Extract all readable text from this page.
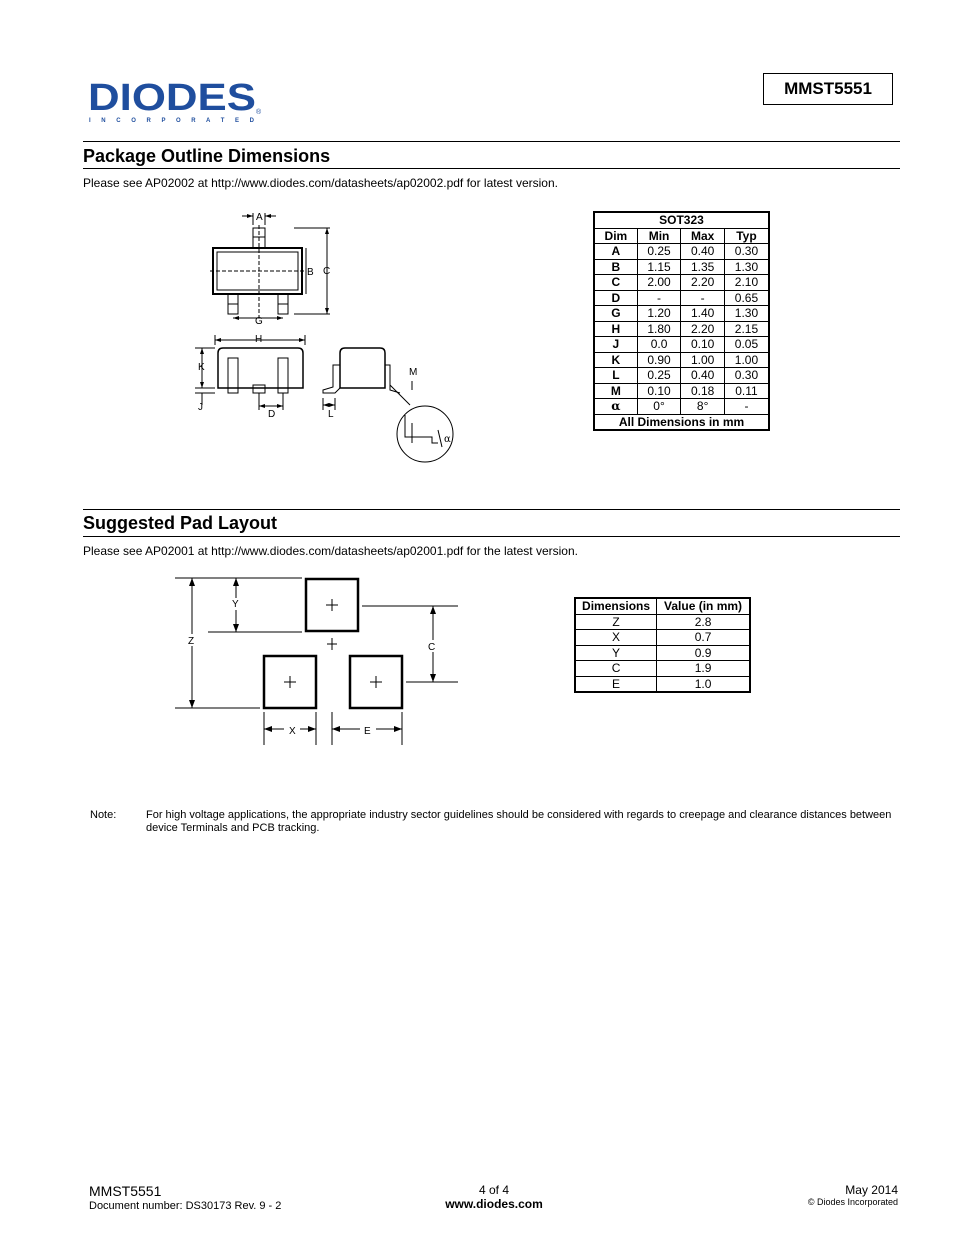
DIODES ®
I N C O R P O R A T E D
MMST5551
Package Outline Dimensions
Please see AP02002 at http://www.diodes.com/datasheets/ap02002.pdf for latest version.
A
B C
G
H
K
J
D	L
M
α
SOT323			
Dim	Min	Max	Typ
A	0.25	0.40	0.30
B	1.15	1.35	1.30
C	2.00	2.20	2.10
D	-	-	0.65
G	1.20	1.40	1.30
H	1.80	2.20	2.15
J	0.0	0.10	0.05
K	0.90	1.00	1.00
L	0.25	0.40	0.30
M	0.10	0.18	0.11
α	0°	8°	-
All Dimensions in mm			
Suggested Pad Layout
Please see AP02001 at http://www.diodes.com/datasheets/ap02001.pdf for the latest version.
Y
Z
C
X	E
Dimensions	Value (in mm)
Z	2.8
X	0.7
Y	0.9
C	1.9
E	1.0
Note:	For high voltage applications, the appropriate industry sector guidelines should be considered with regards to creepage and clearance distances between device Terminals and PCB tracking.
MMST5551
Document number: DS30173 Rev. 9 - 2
4 of 4
www.diodes.com
May 2014
© Diodes Incorporated
